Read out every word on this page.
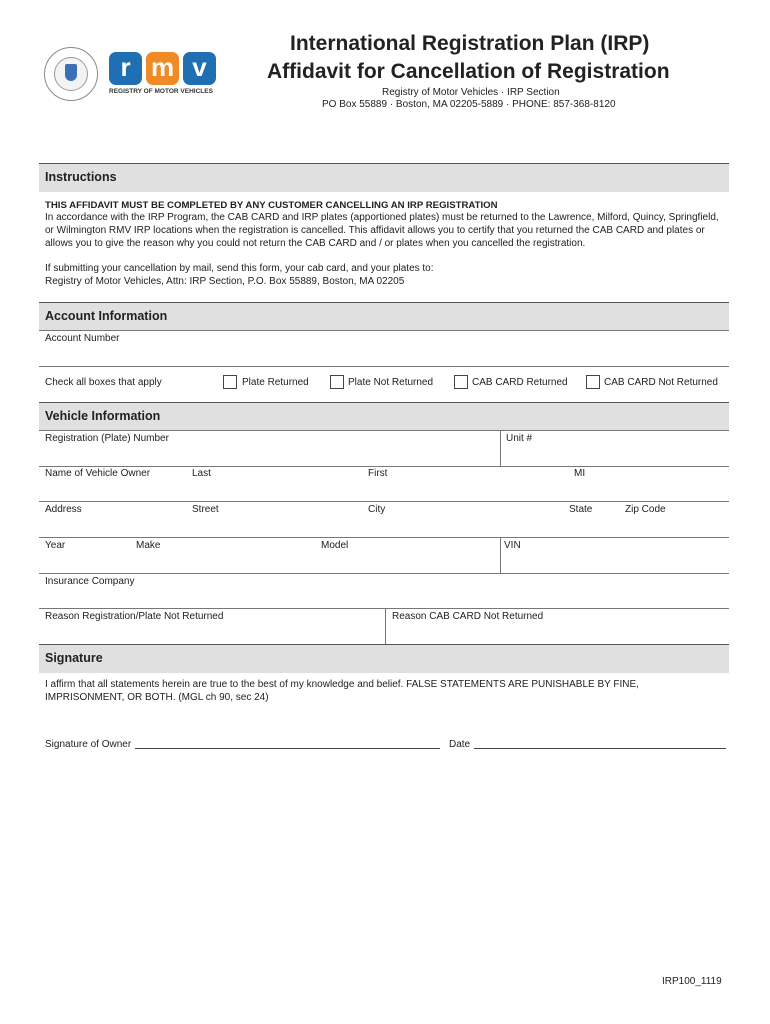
r m v
REGISTRY OF MOTOR VEHICLES
International Registration Plan (IRP)
Affidavit for Cancellation of Registration
Registry of Motor Vehicles · IRP Section
PO Box 55889 · Boston, MA 02205-5889 · PHONE: 857-368-8120
Instructions
THIS AFFIDAVIT MUST BE COMPLETED BY ANY CUSTOMER CANCELLING AN IRP REGISTRATION
In accordance with the IRP Program, the CAB CARD and IRP plates (apportioned plates) must be returned to the Lawrence, Milford, Quincy, Springfield,
or Wilmington RMV IRP locations when the registration is cancelled. This affidavit allows you to certify that you returned the CAB CARD and plates or
allows you to give the reason why you could not return the CAB CARD and / or plates when you cancelled the registration.
If submitting your cancellation by mail, send this form, your cab card, and your plates to:
Registry of Motor Vehicles, Attn: IRP Section, P.O. Box 55889, Boston, MA 02205
Account Information
Account Number
Check all boxes that apply	Plate Returned	Plate Not Returned	CAB CARD Returned	CAB CARD Not Returned
Vehicle Information
Registration (Plate) Number	Unit #
Name of Vehicle Owner	Last	First	MI
Address	Street	City	State	Zip Code
Year	Make	Model	VIN
Insurance Company
Reason Registration/Plate Not Returned	Reason CAB CARD Not Returned
Signature
I affirm that all statements herein are true to the best of my knowledge and belief. FALSE STATEMENTS ARE PUNISHABLE BY FINE,
IMPRISONMENT, OR BOTH. (MGL ch 90, sec 24)
Signature of Owner	Date
IRP100_1119
